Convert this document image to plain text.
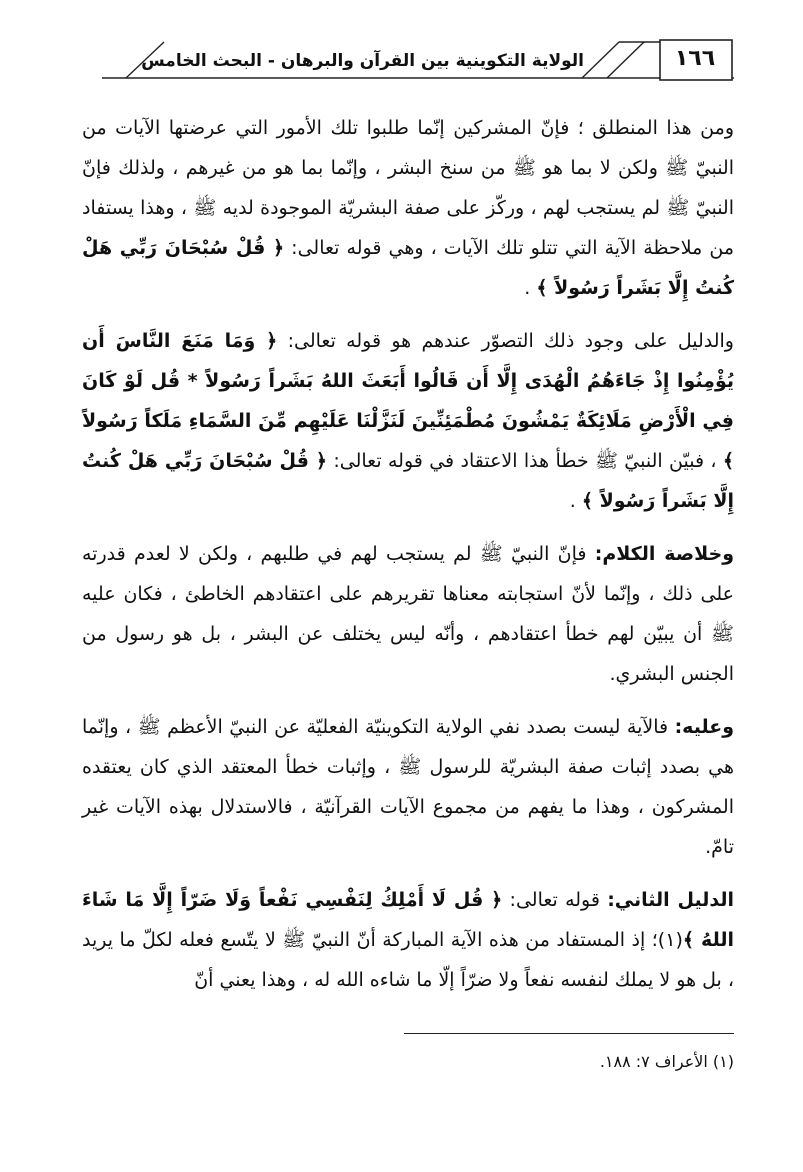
١٦٦
الولاية التكوينية بين القرآن والبرهان - البحث الخامس

ومن هذا المنطلق ؛ فإنّ المشركين إنّما طلبوا تلك الأمور التي عرضتها الآيات من النبيّ ﷺ ولكن لا بما هو ﷺ من سنخ البشر ، وإنّما بما هو من غيرهم ، ولذلك فإنّ النبيّ ﷺ لم يستجب لهم ، وركّز على صفة البشريّة الموجودة لديه ﷺ ، وهذا يستفاد من ملاحظة الآية التي تتلو تلك الآيات ، وهي قوله تعالى: ﴿ قُلْ سُبْحَانَ رَبِّي هَلْ كُنتُ إِلَّا بَشَراً رَسُولاً ﴾ .

والدليل على وجود ذلك التصوّر عندهم هو قوله تعالى: ﴿ وَمَا مَنَعَ النَّاسَ أَن يُؤْمِنُوا إِذْ جَاءَهُمُ الْهُدَى إِلَّا أَن قَالُوا أَبَعَثَ اللهُ بَشَراً رَسُولاً * قُل لَوْ كَانَ فِي الْأَرْضِ مَلَائِكَةٌ يَمْشُونَ مُطْمَئِنِّينَ لَنَزَّلْنَا عَلَيْهِم مِّنَ السَّمَاءِ مَلَكاً رَسُولاً ﴾ ، فبيّن النبيّ ﷺ خطأ هذا الاعتقاد في قوله تعالى: ﴿ قُلْ سُبْحَانَ رَبِّي هَلْ كُنتُ إِلَّا بَشَراً رَسُولاً ﴾ .

وخلاصة الكلام: فإنّ النبيّ ﷺ لم يستجب لهم في طلبهم ، ولكن لا لعدم قدرته على ذلك ، وإنّما لأنّ استجابته معناها تقريرهم على اعتقادهم الخاطئ ، فكان عليه ﷺ أن يبيّن لهم خطأ اعتقادهم ، وأنّه ليس يختلف عن البشر ، بل هو رسول من الجنس البشري.

وعليه: فالآية ليست بصدد نفي الولاية التكوينيّة الفعليّة عن النبيّ الأعظم ﷺ ، وإنّما هي بصدد إثبات صفة البشريّة للرسول ﷺ ، وإثبات خطأ المعتقد الذي كان يعتقده المشركون ، وهذا ما يفهم من مجموع الآيات القرآنيّة ، فالاستدلال بهذه الآيات غير تامّ.

الدليل الثاني: قوله تعالى: ﴿ قُل لَا أَمْلِكُ لِنَفْسِي نَفْعاً وَلَا ضَرّاً إِلَّا مَا شَاءَ اللهُ ﴾(١)؛ إذ المستفاد من هذه الآية المباركة أنّ النبيّ ﷺ لا يتّسع فعله لكلّ ما يريد ، بل هو لا يملك لنفسه نفعاً ولا ضرّاً إلّا ما شاءه الله له ، وهذا يعني أنّ

(١) الأعراف ٧: ١٨٨.
